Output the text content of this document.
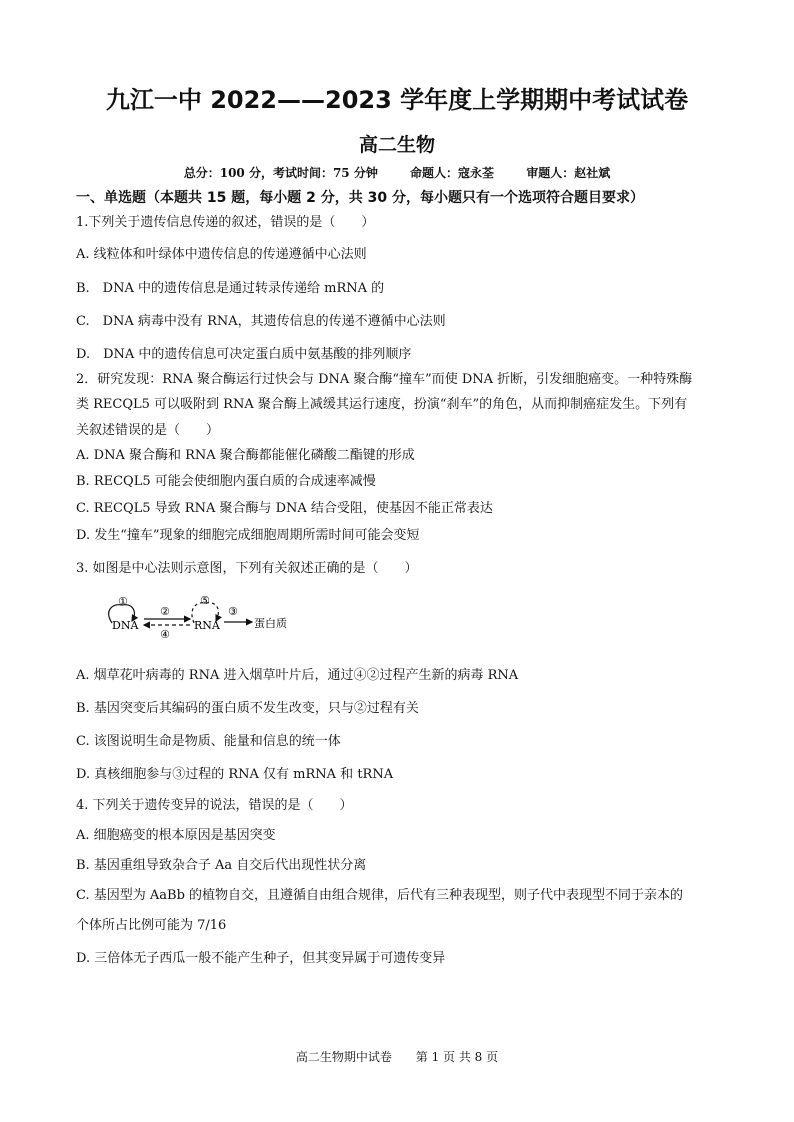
九江一中 2022——2023 学年度上学期期中考试试卷
高二生物
总分：100 分，考试时间：75 分钟	命题人：寇永荃	审题人：赵社斌
一、单选题（本题共 15 题，每小题 2 分，共 30 分，每小题只有一个选项符合题目要求）
1.下列关于遗传信息传递的叙述，错误的是（　　）
A. 线粒体和叶绿体中遗传信息的传递遵循中心法则
B.　DNA 中的遗传信息是通过转录传递给 mRNA 的
C.　DNA 病毒中没有 RNA，其遗传信息的传递不遵循中心法则
D.　DNA 中的遗传信息可决定蛋白质中氨基酸的排列顺序
2．研究发现：RNA 聚合酶运行过快会与 DNA 聚合酶“撞车”而使 DNA 折断，引发细胞癌变。一种特殊酶
类 RECQL5 可以吸附到 RNA 聚合酶上减缓其运行速度，扮演“刹车”的角色，从而抑制癌症发生。下列有
关叙述错误的是（　　）
A. DNA 聚合酶和 RNA 聚合酶都能催化磷酸二酯键的形成
B. RECQL5 可能会使细胞内蛋白质的合成速率减慢
C. RECQL5 导致 RNA 聚合酶与 DNA 结合受阻，使基因不能正常表达
D. 发生“撞车”现象的细胞完成细胞周期所需时间可能会变短
3. 如图是中心法则示意图，下列有关叙述正确的是（　　）
①
DNA
②
④
⑤
RNA
③
蛋白质
A. 烟草花叶病毒的 RNA 进入烟草叶片后，通过④②过程产生新的病毒 RNA
B. 基因突变后其编码的蛋白质不发生改变，只与②过程有关
C. 该图说明生命是物质、能量和信息的统一体
D. 真核细胞参与③过程的 RNA 仅有 mRNA 和 tRNA
4. 下列关于遗传变异的说法，错误的是（　　）
A. 细胞癌变的根本原因是基因突变
B. 基因重组导致杂合子 Aa 自交后代出现性状分离
C. 基因型为 AaBb 的植物自交，且遵循自由组合规律，后代有三种表现型，则子代中表现型不同于亲本的
个体所占比例可能为 7/16
D. 三倍体无子西瓜一般不能产生种子，但其变异属于可遗传变异
高二生物期中试卷 第 1 页 共 8 页
